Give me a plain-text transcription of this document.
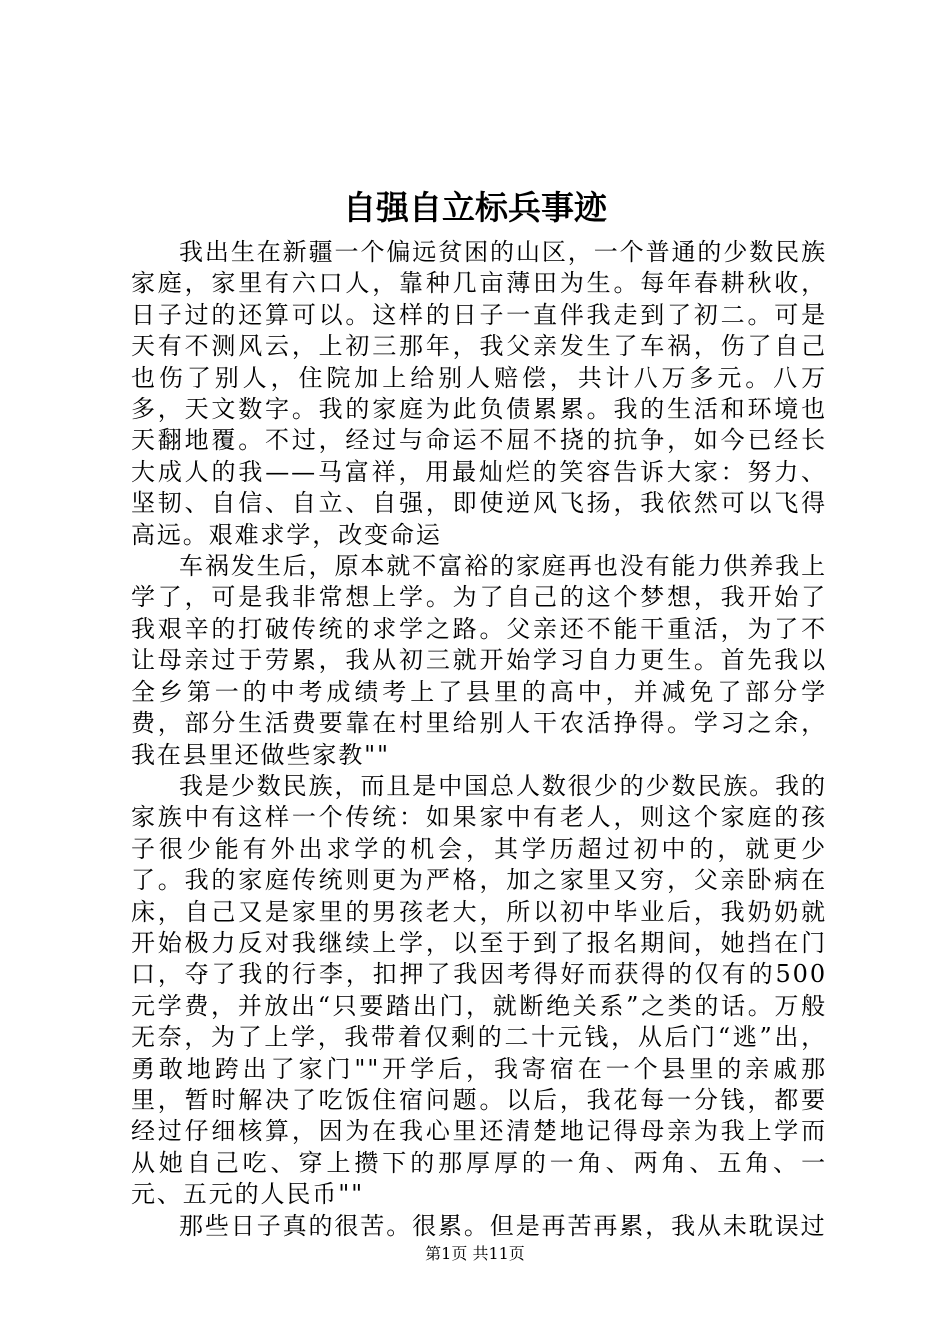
自强自立标兵事迹

我出生在新疆一个偏远贫困的山区，一个普通的少数民族家庭，家里有六口人，靠种几亩薄田为生。每年春耕秋收，日子过的还算可以。这样的日子一直伴我走到了初二。可是天有不测风云，上初三那年，我父亲发生了车祸，伤了自己也伤了别人，住院加上给别人赔偿，共计八万多元。八万多，天文数字。我的家庭为此负债累累。我的生活和环境也天翻地覆。不过，经过与命运不屈不挠的抗争，如今已经长大成人的我——马富祥，用最灿烂的笑容告诉大家：努力、坚韧、自信、自立、自强，即使逆风飞扬，我依然可以飞得高远。艰难求学，改变命运

车祸发生后，原本就不富裕的家庭再也没有能力供养我上学了，可是我非常想上学。为了自己的这个梦想，我开始了我艰辛的打破传统的求学之路。父亲还不能干重活，为了不让母亲过于劳累，我从初三就开始学习自力更生。首先我以全乡第一的中考成绩考上了县里的高中，并减免了部分学费，部分生活费要靠在村里给别人干农活挣得。学习之余，我在县里还做些家教""

我是少数民族，而且是中国总人数很少的少数民族。我的家族中有这样一个传统：如果家中有老人，则这个家庭的孩子很少能有外出求学的机会，其学历超过初中的，就更少了。我的家庭传统则更为严格，加之家里又穷，父亲卧病在床，自己又是家里的男孩老大，所以初中毕业后，我奶奶就开始极力反对我继续上学，以至于到了报名期间，她挡在门口，夺了我的行李，扣押了我因考得好而获得的仅有的500元学费，并放出“只要踏出门，就断绝关系”之类的话。万般无奈，为了上学，我带着仅剩的二十元钱，从后门“逃”出，勇敢地跨出了家门""开学后，我寄宿在一个县里的亲戚那里，暂时解决了吃饭住宿问题。以后，我花每一分钱，都要经过仔细核算，因为在我心里还清楚地记得母亲为我上学而从她自己吃、穿上攒下的那厚厚的一角、两角、五角、一元、五元的人民币""

那些日子真的很苦。很累。但是再苦再累，我从未耽误过

第1页 共11页
